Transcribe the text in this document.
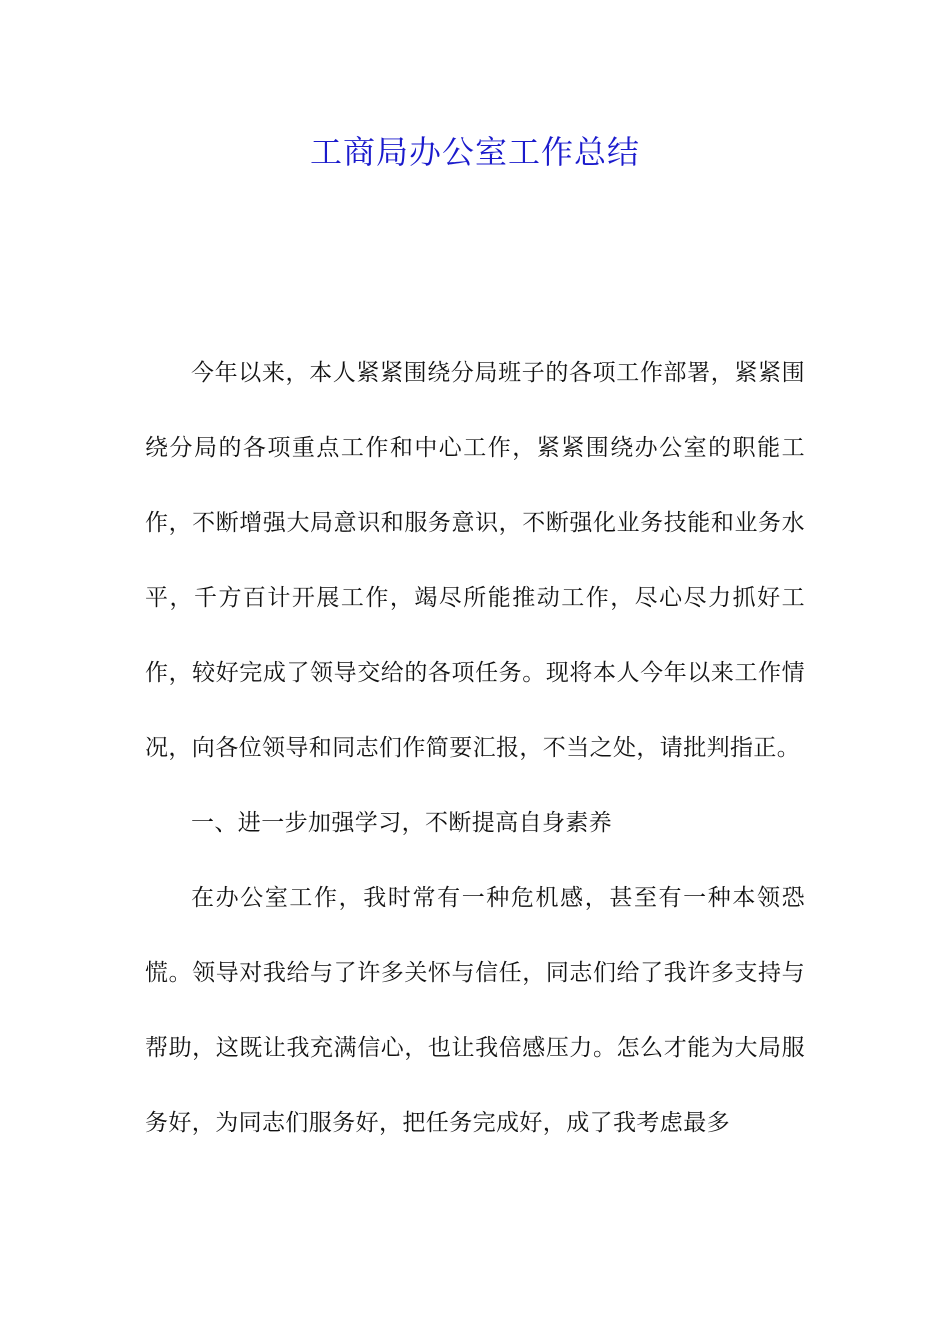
工商局办公室工作总结

今年以来，本人紧紧围绕分局班子的各项工作部署，紧紧围绕分局的各项重点工作和中心工作，紧紧围绕办公室的职能工作，不断增强大局意识和服务意识，不断强化业务技能和业务水平，千方百计开展工作，竭尽所能推动工作，尽心尽力抓好工作，较好完成了领导交给的各项任务。现将本人今年以来工作情况，向各位领导和同志们作简要汇报，不当之处，请批判指正。

一、进一步加强学习，不断提高自身素养

在办公室工作，我时常有一种危机感，甚至有一种本领恐慌。领导对我给与了许多关怀与信任，同志们给了我许多支持与帮助，这既让我充满信心，也让我倍感压力。怎么才能为大局服务好，为同志们服务好，把任务完成好，成了我考虑最多
